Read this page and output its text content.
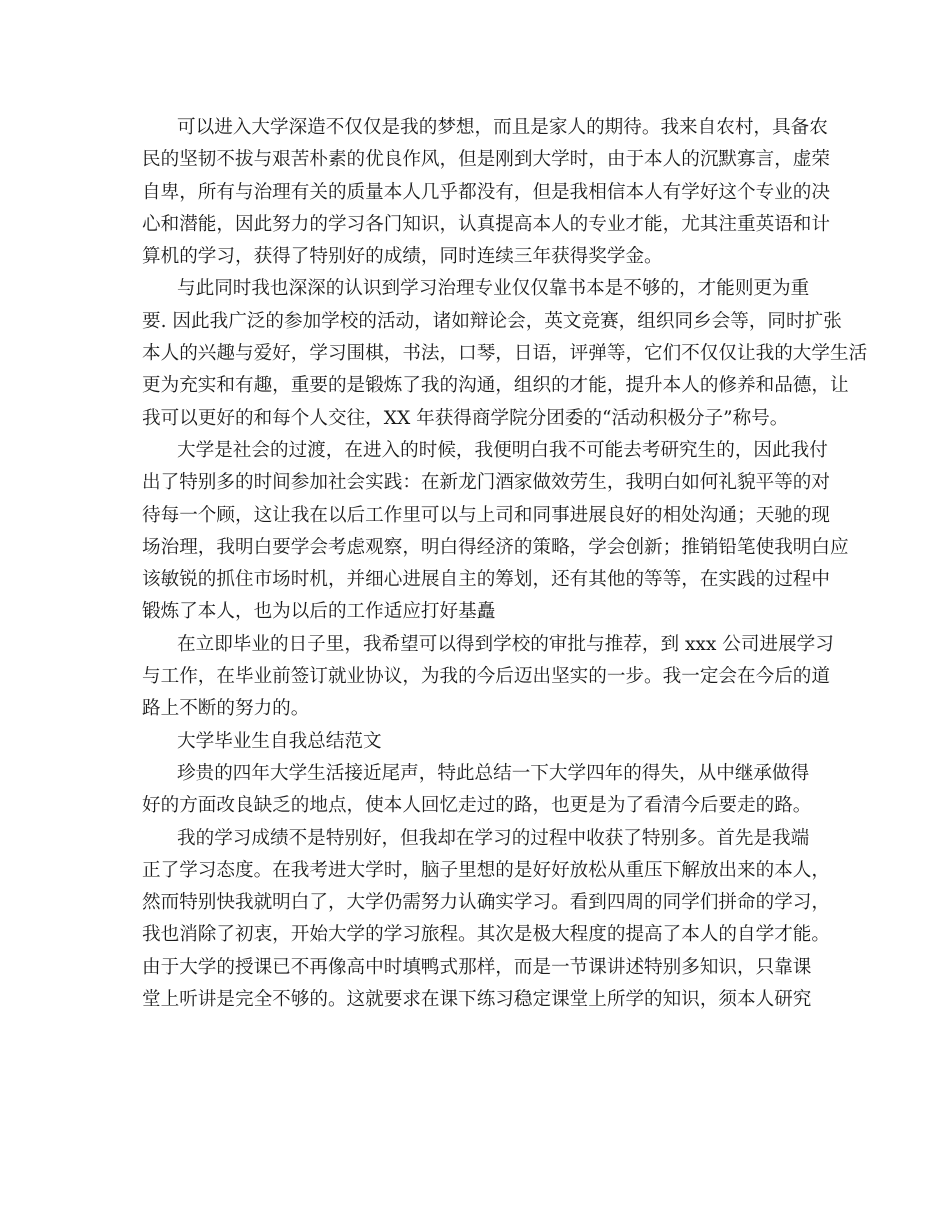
可以进入大学深造不仅仅是我的梦想，而且是家人的期待。我来自农村，具备农
民的坚韧不拔与艰苦朴素的优良作风，但是刚到大学时，由于本人的沉默寡言，虚荣
自卑，所有与治理有关的质量本人几乎都没有，但是我相信本人有学好这个专业的决
心和潜能，因此努力的学习各门知识，认真提高本人的专业才能，尤其注重英语和计
算机的学习，获得了特别好的成绩，同时连续三年获得奖学金。
与此同时我也深深的认识到学习治理专业仅仅靠书本是不够的，才能则更为重
要. 因此我广泛的参加学校的活动，诸如辩论会，英文竞赛，组织同乡会等，同时扩张
本人的兴趣与爱好，学习围棋，书法，口琴，日语，评弹等，它们不仅仅让我的大学生活
更为充实和有趣，重要的是锻炼了我的沟通，组织的才能，提升本人的修养和品德，让
我可以更好的和每个人交往，XX 年获得商学院分团委的“活动积极分子”称号。
大学是社会的过渡，在进入的时候，我便明白我不可能去考研究生的，因此我付
出了特别多的时间参加社会实践：在新龙门酒家做效劳生，我明白如何礼貌平等的对
待每一个顾，这让我在以后工作里可以与上司和同事进展良好的相处沟通；天驰的现
场治理，我明白要学会考虑观察，明白得经济的策略，学会创新；推销铅笔使我明白应
该敏锐的抓住市场时机，并细心进展自主的筹划，还有其他的等等，在实践的过程中
锻炼了本人，也为以后的工作适应打好基矗
在立即毕业的日子里，我希望可以得到学校的审批与推荐，到 xxx 公司进展学习
与工作，在毕业前签订就业协议，为我的今后迈出坚实的一步。我一定会在今后的道
路上不断的努力的。
大学毕业生自我总结范文
珍贵的四年大学生活接近尾声，特此总结一下大学四年的得失，从中继承做得
好的方面改良缺乏的地点，使本人回忆走过的路，也更是为了看清今后要走的路。
我的学习成绩不是特别好，但我却在学习的过程中收获了特别多。首先是我端
正了学习态度。在我考进大学时，脑子里想的是好好放松从重压下解放出来的本人，
然而特别快我就明白了，大学仍需努力认确实学习。看到四周的同学们拼命的学习，
我也消除了初衷，开始大学的学习旅程。其次是极大程度的提高了本人的自学才能。
由于大学的授课已不再像高中时填鸭式那样，而是一节课讲述特别多知识，只靠课
堂上听讲是完全不够的。这就要求在课下练习稳定课堂上所学的知识，须本人研究
